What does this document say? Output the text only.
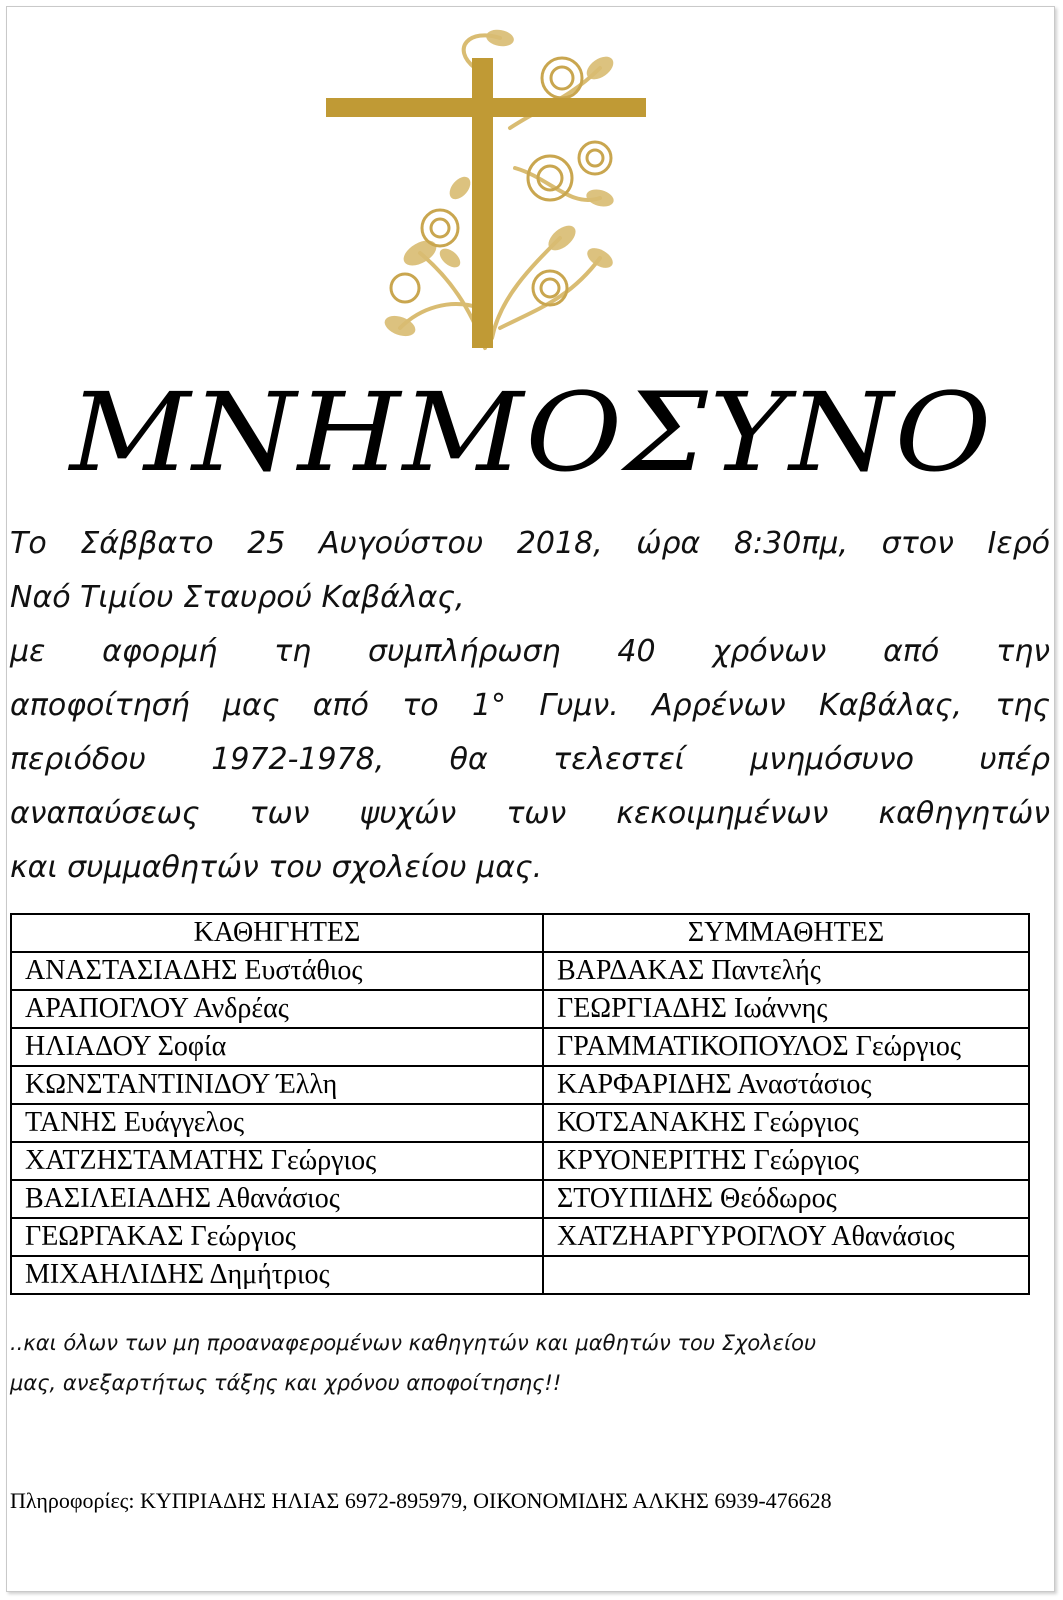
ΜΝΗΜΟΣΥΝΟ
Το Σάββατο 25 Αυγούστου 2018, ώρα 8:30πμ, στον Ιερό
Ναό Τιμίου Σταυρού Καβάλας,
με αφορμή τη συμπλήρωση 40 χρόνων από την
αποφοίτησή μας από το 1° Γυμν. Αρρένων Καβάλας, της
περιόδου 1972-1978, θα τελεστεί μνημόσυνο υπέρ
αναπαύσεως των ψυχών των κεκοιμημένων καθηγητών
και συμμαθητών του σχολείου μας.
ΚΑΘΗΓΗΤΕΣ	ΣΥΜΜΑΘΗΤΕΣ
ΑΝΑΣΤΑΣΙΑΔΗΣ Ευστάθιος	ΒΑΡΔΑΚΑΣ Παντελής
ΑΡΑΠΟΓΛΟΥ Ανδρέας	ΓΕΩΡΓΙΑΔΗΣ Ιωάννης
ΗΛΙΑΔΟΥ Σοφία	ΓΡΑΜΜΑΤΙΚΟΠΟΥΛΟΣ Γεώργιος
ΚΩΝΣΤΑΝΤΙΝΙΔΟΥ Έλλη	ΚΑΡΦΑΡΙΔΗΣ Αναστάσιος
ΤΑΝΗΣ Ευάγγελος	ΚΟΤΣΑΝΑΚΗΣ Γεώργιος
ΧΑΤΖΗΣΤΑΜΑΤΗΣ Γεώργιος	ΚΡΥΟΝΕΡΙΤΗΣ Γεώργιος
ΒΑΣΙΛΕΙΑΔΗΣ Αθανάσιος	ΣΤΟΥΠΙΔΗΣ Θεόδωρος
ΓΕΩΡΓΑΚΑΣ Γεώργιος	ΧΑΤΖΗΑΡΓΥΡΟΓΛΟΥ Αθανάσιος
ΜΙΧΑΗΛΙΔΗΣ Δημήτριος	
..και όλων των μη προαναφερομένων καθηγητών και μαθητών του Σχολείου
μας, ανεξαρτήτως τάξης και χρόνου αποφοίτησης!!
Πληροφορίες: ΚΥΠΡΙΑΔΗΣ ΗΛΙΑΣ 6972-895979, ΟΙΚΟΝΟΜΙΔΗΣ ΑΛΚΗΣ 6939-476628
